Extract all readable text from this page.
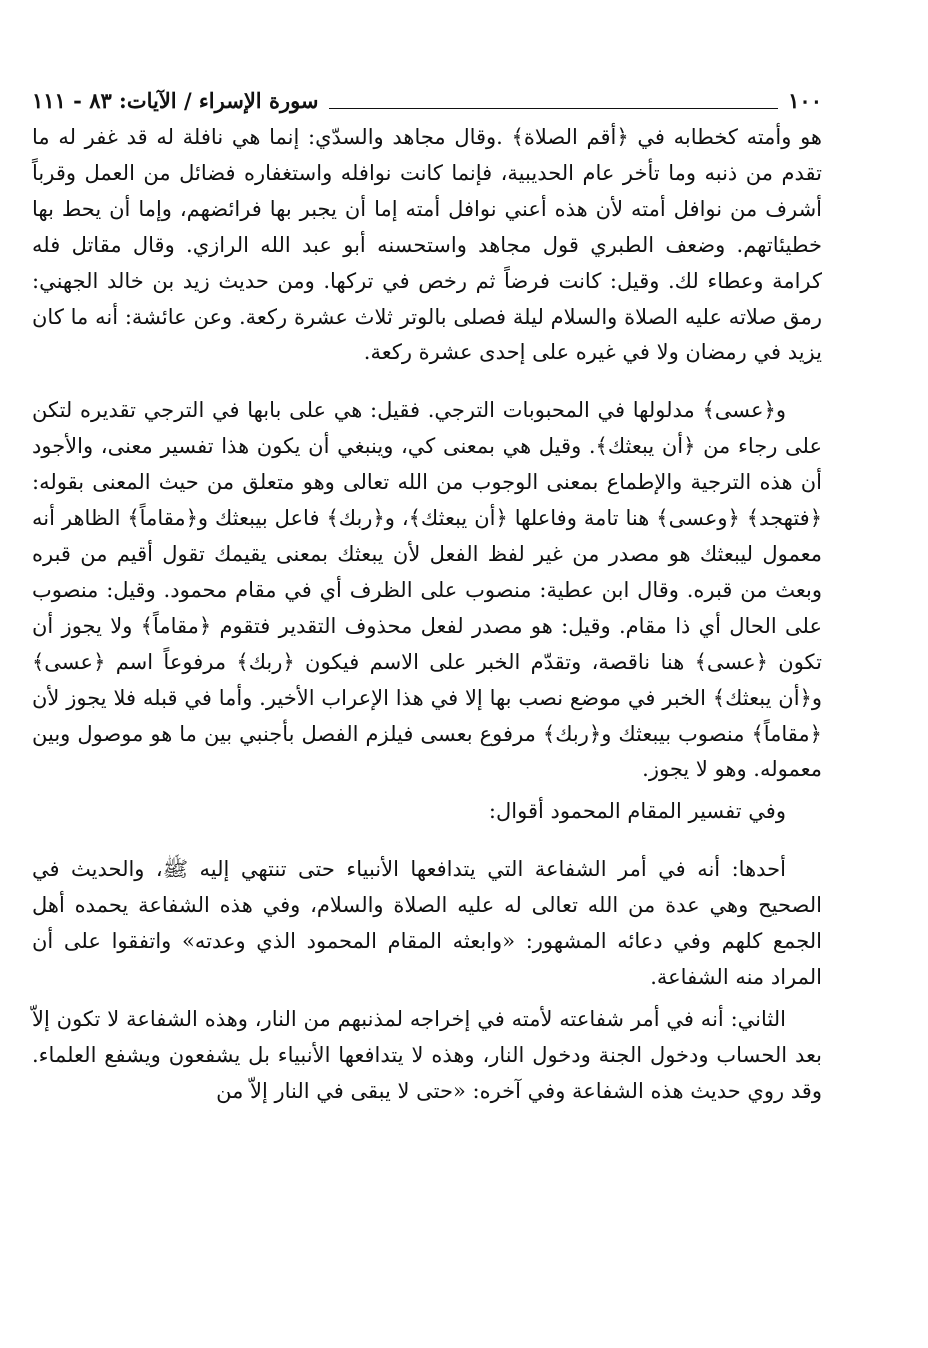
١٠٠
سورة الإسراء / الآيات: ٨٣ - ١١١

هو وأمته كخطابه في ﴿أقم الصلاة﴾ .وقال مجاهد والسدّي: إنما هي نافلة له قد غفر له ما تقدم من ذنبه وما تأخر عام الحديبية، فإنما كانت نوافله واستغفاره فضائل من العمل وقرباً أشرف من نوافل أمته لأن هذه أعني نوافل أمته إما أن يجبر بها فرائضهم، وإما أن يحط بها خطيئاتهم. وضعف الطبري قول مجاهد واستحسنه أبو عبد الله الرازي. وقال مقاتل فله كرامة وعطاء لك. وقيل: كانت فرضاً ثم رخص في تركها. ومن حديث زيد بن خالد الجهني: رمق صلاته عليه الصلاة والسلام ليلة فصلى بالوتر ثلاث عشرة ركعة. وعن عائشة: أنه ما كان يزيد في رمضان ولا في غيره على إحدى عشرة ركعة.

و﴿عسى﴾ مدلولها في المحبوبات الترجي. فقيل: هي على بابها في الترجي تقديره لتكن على رجاء من ﴿أن يبعثك﴾. وقيل هي بمعنى كي، وينبغي أن يكون هذا تفسير معنى، والأجود أن هذه الترجية والإطماع بمعنى الوجوب من الله تعالى وهو متعلق من حيث المعنى بقوله: ﴿فتهجد﴾ ﴿وعسى﴾ هنا تامة وفاعلها ﴿أن يبعثك﴾، و﴿ربك﴾ فاعل بيبعثك و﴿مقاماً﴾ الظاهر أنه معمول ليبعثك هو مصدر من غير لفظ الفعل لأن يبعثك بمعنى يقيمك تقول أقيم من قبره وبعث من قبره. وقال ابن عطية: منصوب على الظرف أي في مقام محمود. وقيل: منصوب على الحال أي ذا مقام. وقيل: هو مصدر لفعل محذوف التقدير فتقوم ﴿مقاماً﴾ ولا يجوز أن تكون ﴿عسى﴾ هنا ناقصة، وتقدّم الخبر على الاسم فيكون ﴿ربك﴾ مرفوعاً اسم ﴿عسى﴾ و﴿أن يبعثك﴾ الخبر في موضع نصب بها إلا في هذا الإعراب الأخير. وأما في قبله فلا يجوز لأن ﴿مقاماً﴾ منصوب بيبعثك و﴿ربك﴾ مرفوع بعسى فيلزم الفصل بأجنبي بين ما هو موصول وبين معموله. وهو لا يجوز.

وفي تفسير المقام المحمود أقوال:

أحدها: أنه في أمر الشفاعة التي يتدافعها الأنبياء حتى تنتهي إليه ﷺ، والحديث في الصحيح وهي عدة من الله تعالى له عليه الصلاة والسلام، وفي هذه الشفاعة يحمده أهل الجمع كلهم وفي دعائه المشهور: «وابعثه المقام المحمود الذي وعدته» واتفقوا على أن المراد منه الشفاعة.

الثاني: أنه في أمر شفاعته لأمته في إخراجه لمذنبهم من النار، وهذه الشفاعة لا تكون إلاّ بعد الحساب ودخول الجنة ودخول النار، وهذه لا يتدافعها الأنبياء بل يشفعون ويشفع العلماء. وقد روي حديث هذه الشفاعة وفي آخره: «حتى لا يبقى في النار إلاّ من
